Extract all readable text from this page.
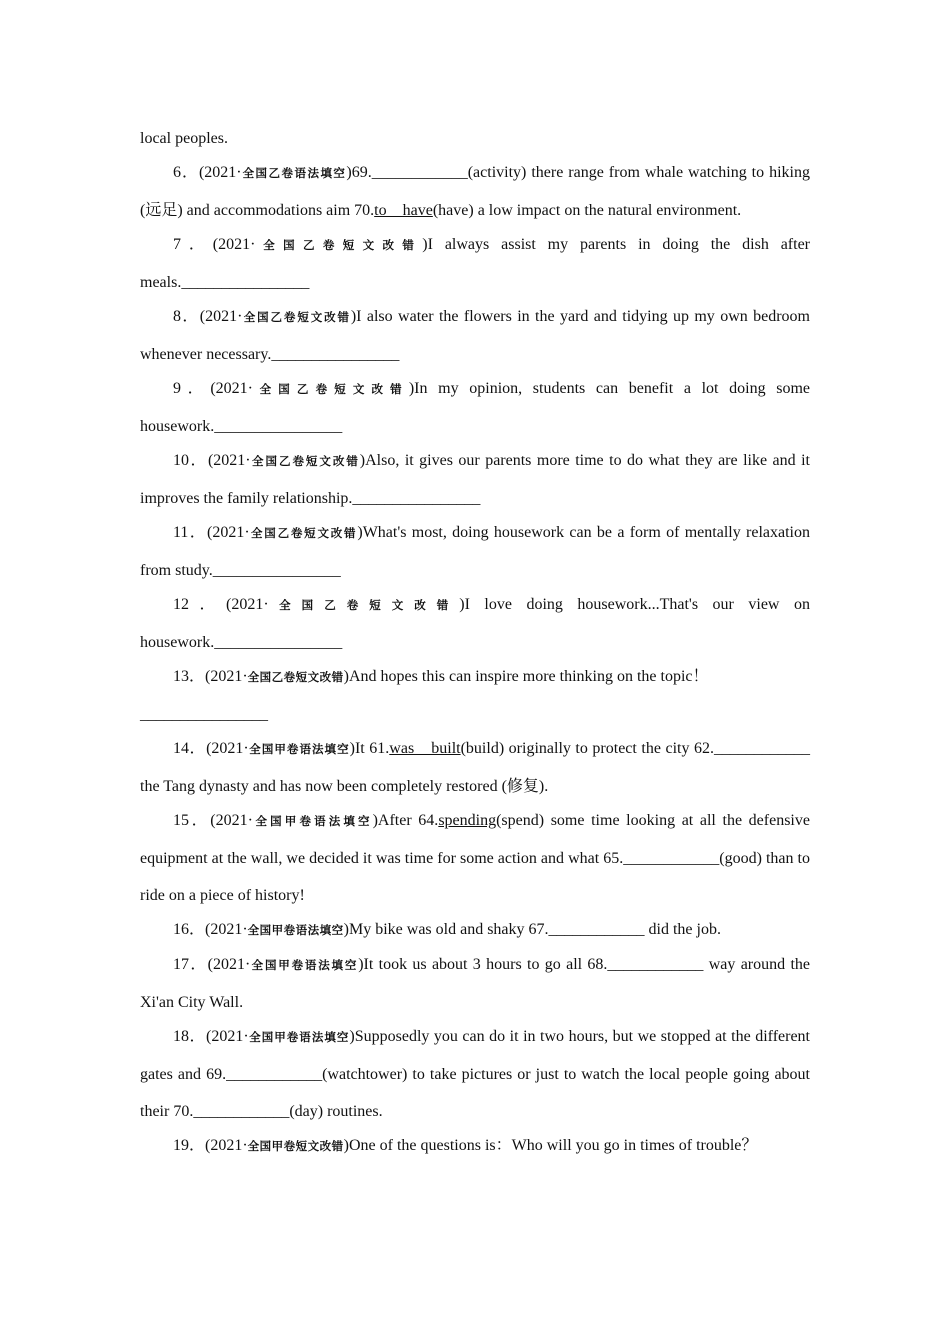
local peoples.

6．(2021·全国乙卷语法填空)69.____________(activity) there range from whale watching to hiking (远足) and accommodations aim 70.to　have(have) a low impact on the natural environment.

7．(2021·全国乙卷短文改错)I always assist my parents in doing the dish after meals.________________

8．(2021·全国乙卷短文改错)I also water the flowers in the yard and tidying up my own bedroom whenever necessary.________________

9．(2021·全国乙卷短文改错)In my opinion, students can benefit a lot doing some housework.________________

10．(2021·全国乙卷短文改错)Also, it gives our parents more time to do what they are like and it improves the family relationship.________________

11．(2021·全国乙卷短文改错)What's most, doing housework can be a form of mentally relaxation from study.________________

12．(2021·全国乙卷短文改错)I love doing housework...That's our view on housework.________________

13．(2021·全国乙卷短文改错)And hopes this can inspire more thinking on the topic！
________________

14．(2021·全国甲卷语法填空)It 61.was　built(build) originally to protect the city 62.____________ the Tang dynasty and has now been completely restored (修复).

15．(2021·全国甲卷语法填空)After 64.spending(spend) some time looking at all the defensive equipment at the wall, we decided it was time for some action and what 65.____________(good) than to ride on a piece of history!

16．(2021·全国甲卷语法填空)My bike was old and shaky 67.____________ did the job.

17．(2021·全国甲卷语法填空)It took us about 3 hours to go all 68.____________ way around the Xi'an City Wall.

18．(2021·全国甲卷语法填空)Supposedly you can do it in two hours, but we stopped at the different gates and 69.____________(watchtower) to take pictures or just to watch the local people going about their 70.____________(day) routines.

19．(2021·全国甲卷短文改错)One of the questions is：Who will you go in times of trouble？
